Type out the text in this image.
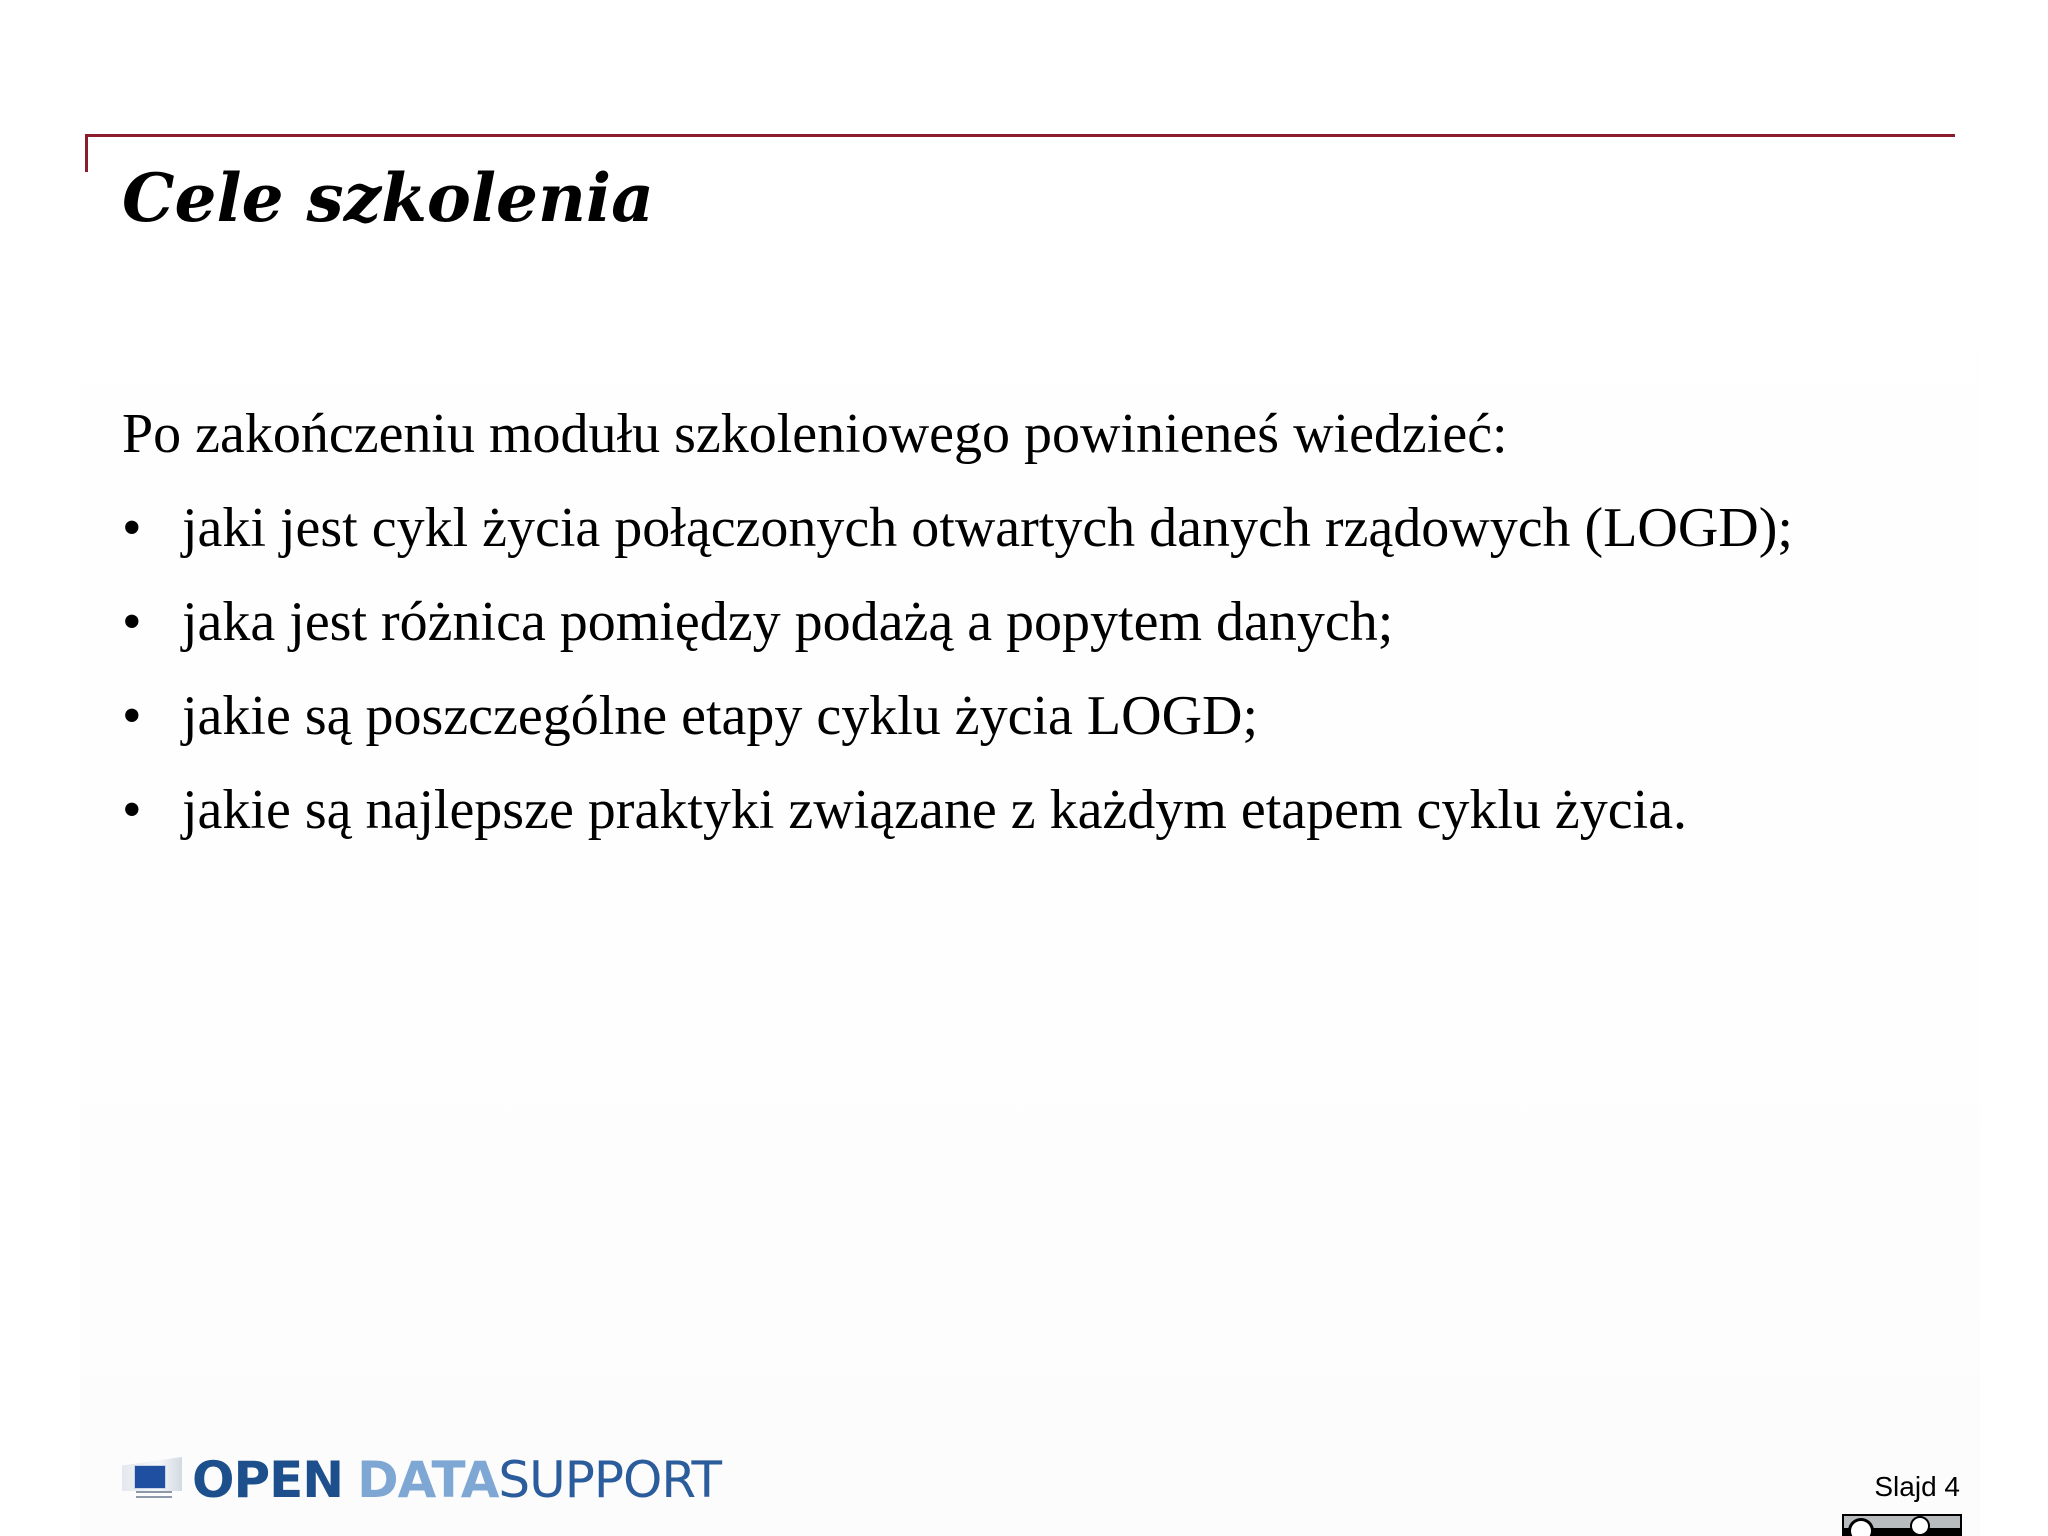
Cele szkolenia

Po zakończeniu modułu szkoleniowego powinieneś wiedzieć:

• jaki jest cykl życia połączonych otwartych danych rządowych (LOGD);
• jaka jest różnica pomiędzy podażą a popytem danych;
• jakie są poszczególne etapy cyklu życia LOGD;
• jakie są najlepsze praktyki związane z każdym etapem cyklu życia.
OPEN DATA SUPPORT	Slajd 4
